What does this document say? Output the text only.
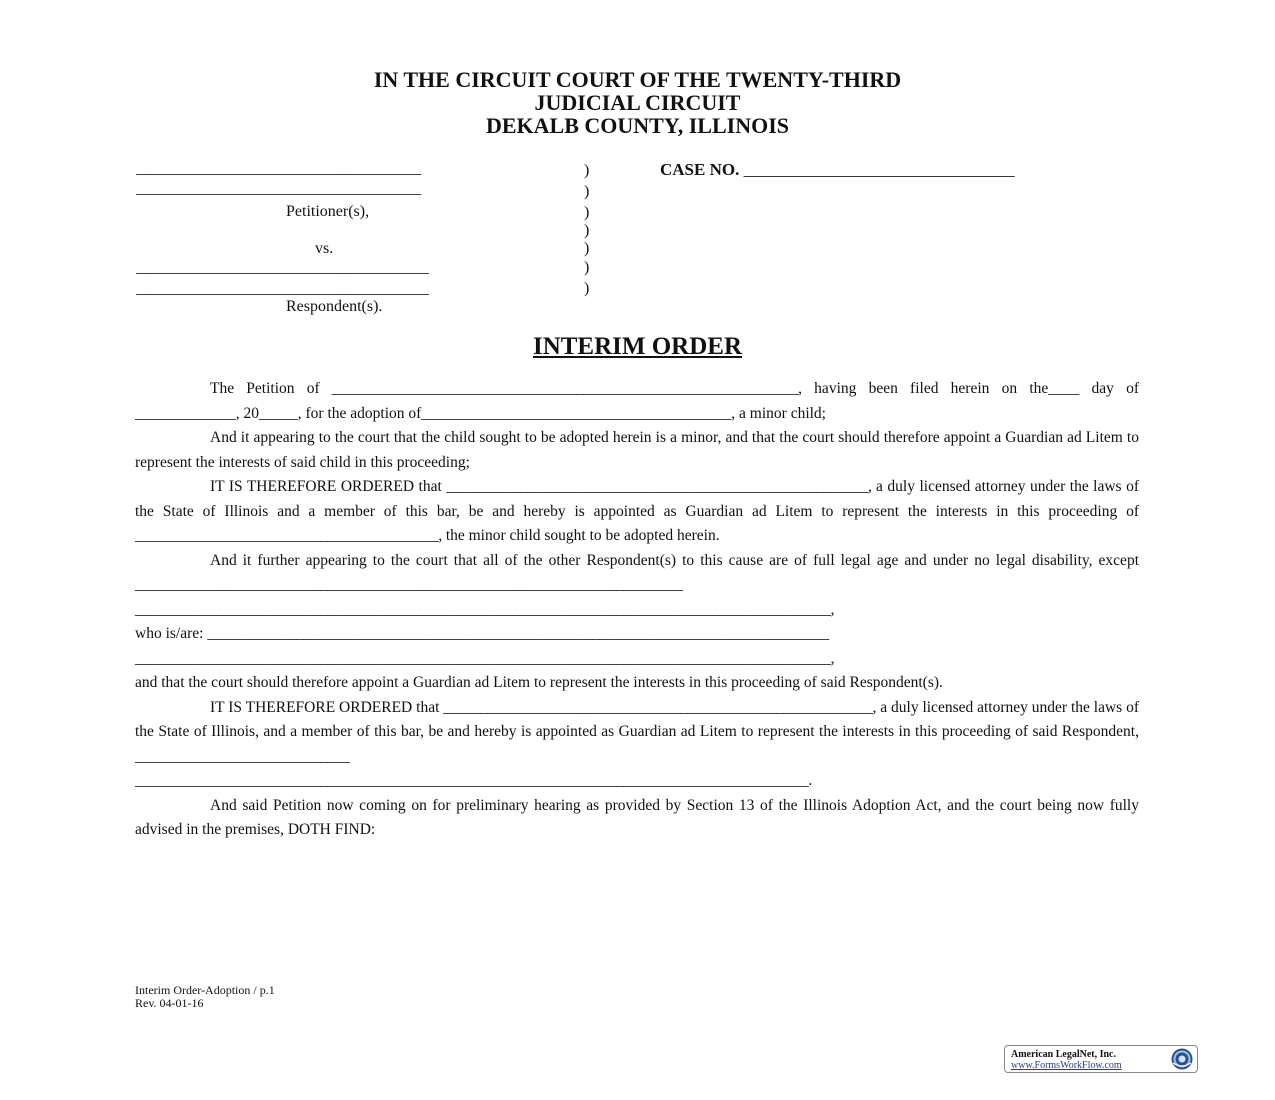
IN THE CIRCUIT COURT OF THE TWENTY-THIRD
JUDICIAL CIRCUIT
DEKALB COUNTY, ILLINOIS
_____________________________________
_____________________________________
Petitioner(s),
vs.
______________________________________
______________________________________
Respondent(s).
)
)
)
)
)
)
)
CASE NO. _________________________________
INTERIM ORDER

The Petition of _______________________________________________________________, having been filed herein on the____ day of _____________, 20_____, for the adoption of________________________________________, a minor child;

And it appearing to the court that the child sought to be adopted herein is a minor, and that the court should therefore appoint a Guardian ad Litem to represent the interests of said child in this proceeding;

IT IS THEREFORE ORDERED that _________________________________________________________, a duly licensed attorney under the laws of the State of Illinois and a member of this bar, be and hereby is appointed as Guardian ad Litem to represent the interests in this proceeding of _________________________________________, the minor child sought to be adopted herein.

And it further appearing to the court that all of the other Respondent(s) to this cause are of full legal age and under no legal disability, except __________________________________________________________________________
______________________________________________________________________________________________,
who is/are: ____________________________________________________________________________________
______________________________________________________________________________________________,
and that the court should therefore appoint a Guardian ad Litem to represent the interests in this proceeding of said Respondent(s).

IT IS THEREFORE ORDERED that __________________________________________________________, a duly licensed attorney under the laws of the State of Illinois, and a member of this bar, be and hereby is appointed as Guardian ad Litem to represent the interests in this proceeding of said Respondent, _____________________________
___________________________________________________________________________________________.

And said Petition now coming on for preliminary hearing as provided by Section 13 of the Illinois Adoption Act, and the court being now fully advised in the premises, DOTH FIND:

Interim Order-Adoption / p.1
Rev. 04-01-16
American LegalNet, Inc.
www.FormsWorkFlow.com
